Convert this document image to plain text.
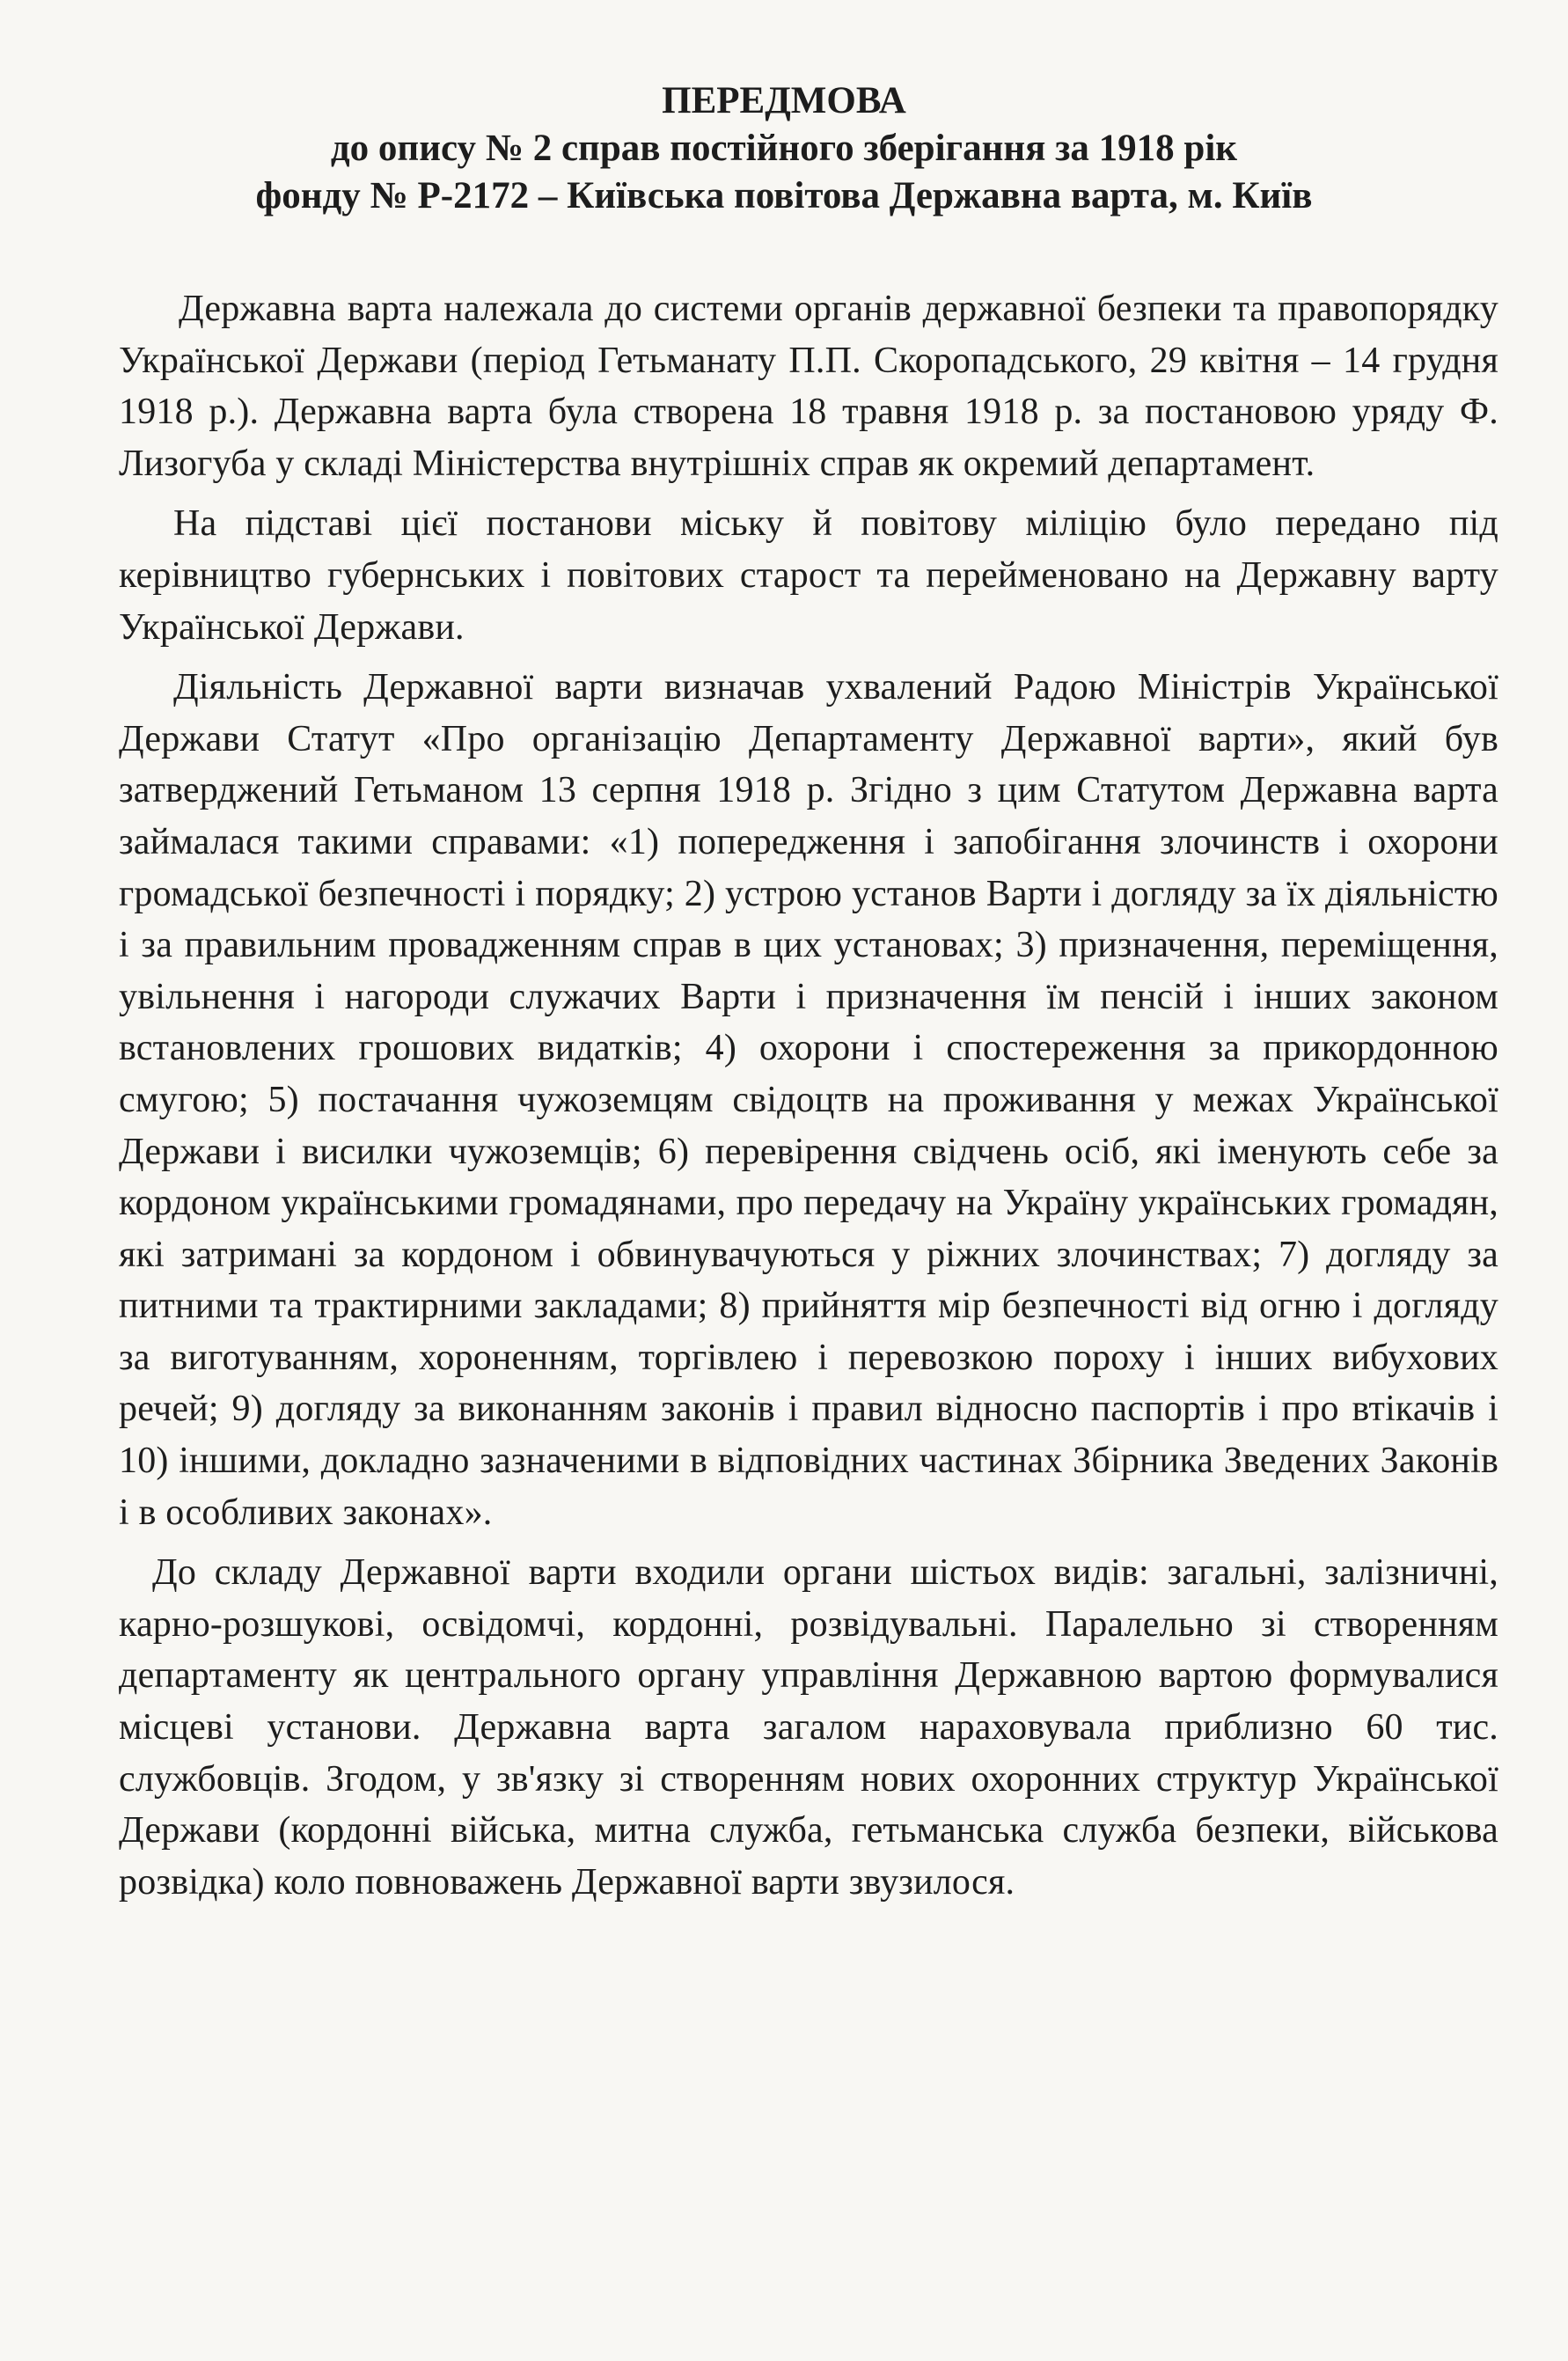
ПЕРЕДМОВА
до опису № 2 справ постійного зберігання за 1918 рік
фонду № Р-2172 – Київська повітова Державна варта, м. Київ

Державна варта належала до системи органів державної безпеки та правопорядку Української Держави (період Гетьманату П.П. Скоропадського, 29 квітня – 14 грудня 1918 р.). Державна варта була створена 18 травня 1918 р. за постановою уряду Ф. Лизогуба у складі Міністерства внутрішніх справ як окремий департамент.

На підставі цієї постанови міську й повітову міліцію було передано під керівництво губернських і повітових старост та перейменовано на Державну варту Української Держави.

Діяльність Державної варти визначав ухвалений Радою Міністрів Української Держави Статут «Про організацію Департаменту Державної варти», який був затверджений Гетьманом 13 серпня 1918 р. Згідно з цим Статутом Державна варта займалася такими справами: «1) попередження і запобігання злочинств і охорони громадської безпечності і порядку; 2) устрою установ Варти і догляду за їх діяльністю і за правильним провадженням справ в цих установах; 3) призначення, переміщення, увільнення і нагороди служачих Варти і призначення їм пенсій і інших законом встановлених грошових видатків; 4) охорони і спостереження за прикордонною смугою; 5) постачання чужоземцям свідоцтв на проживання у межах Української Держави і висилки чужоземців; 6) перевірення свідчень осіб, які іменують себе за кордоном українськими громадянами, про передачу на Україну українських громадян, які затримані за кордоном і обвинувачуються у ріжних злочинствах; 7) догляду за питними та трактирними закладами; 8) прийняття мір безпечності від огню і догляду за виготуванням, хороненням, торгівлею і перевозкою пороху і інших вибухових речей; 9) догляду за виконанням законів і правил відносно паспортів і про втікачів і 10) іншими, докладно зазначеними в відповідних частинах Збірника Зведених Законів і в особливих законах».

До складу Державної варти входили органи шістьох видів: загальні, залізничні, карно-розшукові, освідомчі, кордонні, розвідувальні. Паралельно зі створенням департаменту як центрального органу управління Державною вартою формувалися місцеві установи. Державна варта загалом нараховувала приблизно 60 тис. службовців. Згодом, у зв'язку зі створенням нових охоронних структур Української Держави (кордонні війська, митна служба, гетьманська служба безпеки, військова розвідка) коло повноважень Державної варти звузилося.
